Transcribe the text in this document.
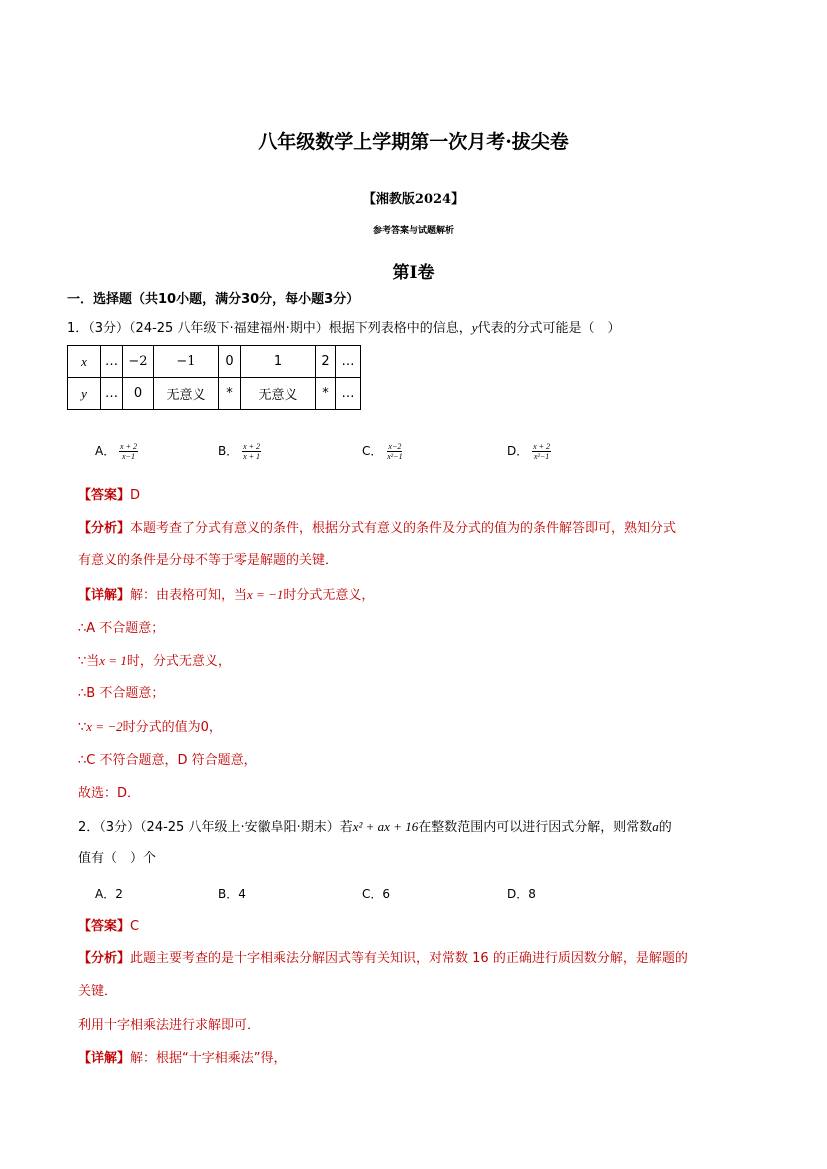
八年级数学上学期第一次月考·拔尖卷
【湘教版2024】
参考答案与试题解析
第I卷
一．选择题（共10小题，满分30分，每小题3分）
1．（3分）（24-25 八年级下·福建福州·期中）根据下列表格中的信息，y代表的分式可能是（　）
x	…	−2	−1	0	1	2	…
y	…	0	无意义	*	无意义	*	…
A． $\frac{x + 2}{x-1}$	B． $\frac{x + 2}{x + 1}$	C． $\frac{x-2}{\text{x²−1}}$	D． $\frac{x + 2}{\text{x²−1}}$
【答案】D
【分析】本题考查了分式有意义的条件，根据分式有意义的条件及分式的值为的条件解答即可，熟知分式
有意义的条件是分母不等于零是解题的关键．
【详解】解：由表格可知，当x = −1时分式无意义，
∴A 不合题意；
∵当x = 1时，分式无意义，
∴B 不合题意；
∵x = −2时分式的值为0，
∴C 不符合题意，D 符合题意，
故选：D．
2．（3分）（24-25 八年级上·安徽阜阳·期末）若x² + ax + 16在整数范围内可以进行因式分解，则常数a的
值有（　）个
A．2	B．4	C．6	D．8
【答案】C
【分析】此题主要考查的是十字相乘法分解因式等有关知识，对常数 16 的正确进行质因数分解，是解题的
关键．
利用十字相乘法进行求解即可．
【详解】解：根据“十字相乘法”得，
